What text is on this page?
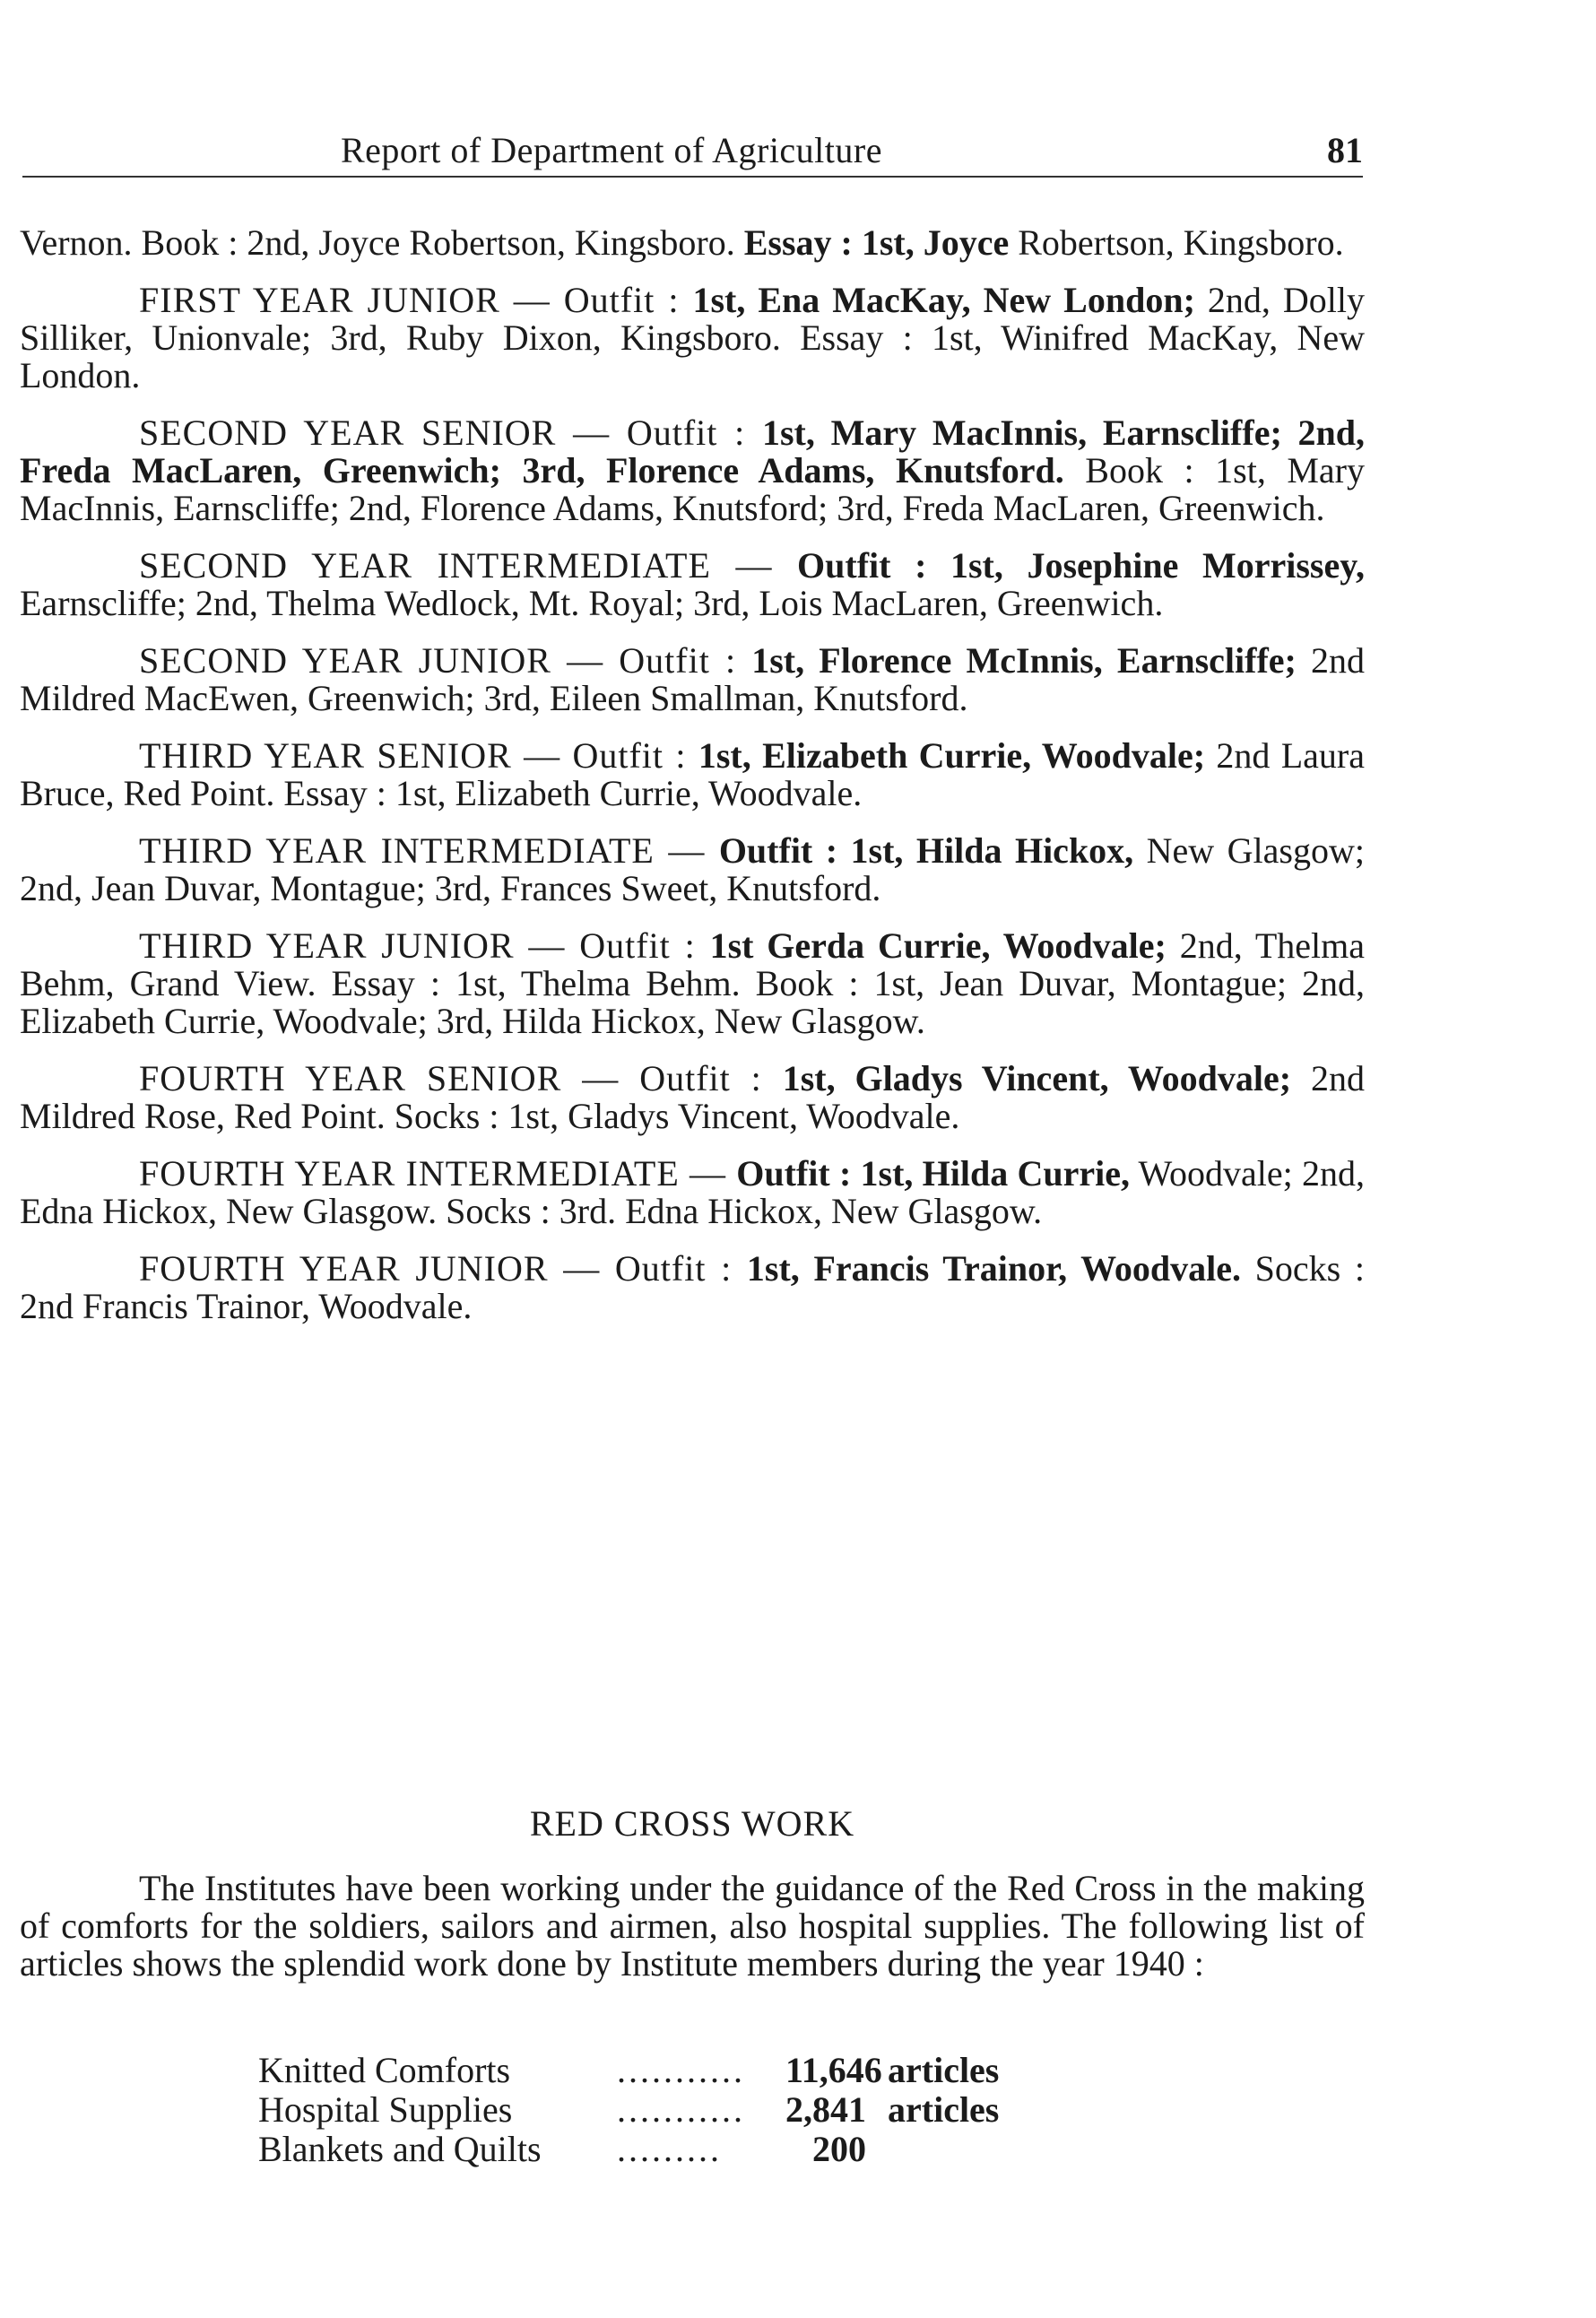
Report of Department of Agriculture	81

Vernon. Book : 2nd, Joyce Robertson, Kingsboro. Essay : 1st, Joyce Robertson, Kingsboro.

FIRST YEAR JUNIOR — Outfit : 1st, Ena MacKay, New London; 2nd, Dolly Silliker, Unionvale; 3rd, Ruby Dixon, Kingsboro. Essay : 1st, Winifred MacKay, New London.

SECOND YEAR SENIOR — Outfit : 1st, Mary MacInnis, Earnscliffe; 2nd, Freda MacLaren, Greenwich; 3rd, Florence Adams, Knutsford. Book : 1st, Mary MacInnis, Earnscliffe; 2nd, Florence Adams, Knutsford; 3rd, Freda MacLaren, Greenwich.

SECOND YEAR INTERMEDIATE — Outfit : 1st, Josephine Morrissey, Earnscliffe; 2nd, Thelma Wedlock, Mt. Royal; 3rd, Lois MacLaren, Greenwich.

SECOND YEAR JUNIOR — Outfit : 1st, Florence McInnis, Earnscliffe; 2nd Mildred MacEwen, Greenwich; 3rd, Eileen Smallman, Knutsford.

THIRD YEAR SENIOR — Outfit : 1st, Elizabeth Currie, Woodvale; 2nd Laura Bruce, Red Point. Essay : 1st, Elizabeth Currie, Woodvale.

THIRD YEAR INTERMEDIATE — Outfit : 1st, Hilda Hickox, New Glasgow; 2nd, Jean Duvar, Montague; 3rd, Frances Sweet, Knutsford.

THIRD YEAR JUNIOR — Outfit : 1st Gerda Currie, Woodvale; 2nd, Thelma Behm, Grand View. Essay : 1st, Thelma Behm. Book : 1st, Jean Duvar, Montague; 2nd, Elizabeth Currie, Woodvale; 3rd, Hilda Hickox, New Glasgow.

FOURTH YEAR SENIOR — Outfit : 1st, Gladys Vincent, Woodvale; 2nd Mildred Rose, Red Point. Socks : 1st, Gladys Vincent, Woodvale.

FOURTH YEAR INTERMEDIATE — Outfit : 1st, Hilda Currie, Woodvale; 2nd, Edna Hickox, New Glasgow. Socks : 3rd. Edna Hickox, New Glasgow.

FOURTH YEAR JUNIOR — Outfit : 1st, Francis Trainor, Woodvale. Socks : 2nd Francis Trainor, Woodvale.

RED CROSS WORK

The Institutes have been working under the guidance of the Red Cross in the making of comforts for the soldiers, sailors and airmen, also hospital supplies. The following list of articles shows the splendid work done by Institute members during the year 1940 :

Knitted Comforts	........... 11,646 articles
Hospital Supplies	........... 2,841 articles
Blankets and Quilts .........	200
